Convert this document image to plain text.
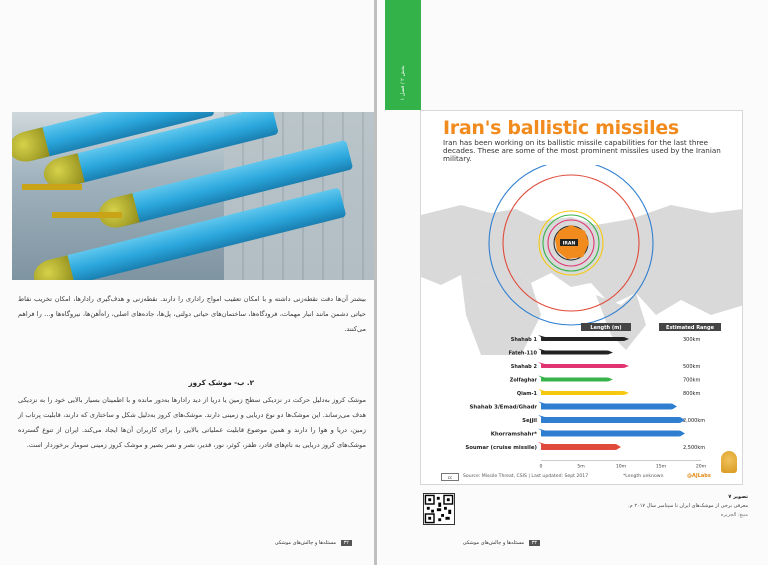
بیشتر آن‌ها دقت نقطه‌زنی داشته و با امکان تعقیب امواج راداری را دارند. نقطه‌زنی و هدف‌گیری رادارها، امکان تخریب نقاط حیاتی دشمن مانند انبار مهمات، فرودگاه‌ها، ساختمان‌های حیاتی دولتی، پل‌ها، جاده‌های اصلی، راه‌آهن‌ها، نیروگاه‌ها و... را فراهم می‌کنند.

۲. ب- موشک کروز

موشک کروز به‌دلیل حرکت در نزدیکی سطح زمین یا دریا از دید رادارها به‌دور مانده و با اطمینان بسیار بالایی خود را به نزدیکی هدف می‌رساند. این موشک‌ها دو نوع دریایی و زمینی دارند. موشک‌های کروز به‌دلیل شکل و ساختاری که دارند، قابلیت پرتاب از زمین، دریا و هوا را دارند و همین موضوع قابلیت عملیاتی بالایی را برای کاربران آن‌ها ایجاد می‌کند. ایران از تنوع گسترده موشک‌های کروز دریایی به نام‌های قادر، ظفر، کوثر، نور، قدیر، نصر و نصر بصیر و موشک کروز زمینی سومار برخوردار است.

۳۲ مسئله‌ها و چالش‌های موشکی
بخش ۲ / فصل ۱
Iran's ballistic missiles
Iran has been working on its ballistic missile capabilities for the last three decades. These are some of the most prominent missiles used by the Iranian military.
IRAN
Length (m)	Estimated Range
Shahab 1	300km
Fateh-110
Shahab 2	500km
Zolfaghar	700km
Qiam-1	800km
Shahab 3/Emad/Ghadr
Sejjil	2,000km
Khorramshahr*
Soumar (cruise missile)	2,500km
0	5m	10m	15m	20m
cc	Source: Missile Threat, CSIS | Last updated: Sept 2017	*Length unknown	@AJLabs
تصویر ۷
معرفی برخی از موشک‌های ایران تا سپتامبر سال ۲۰۱۷ م.
منبع: الجزیره
۳۳ مسئله‌ها و چالش‌های موشکی
